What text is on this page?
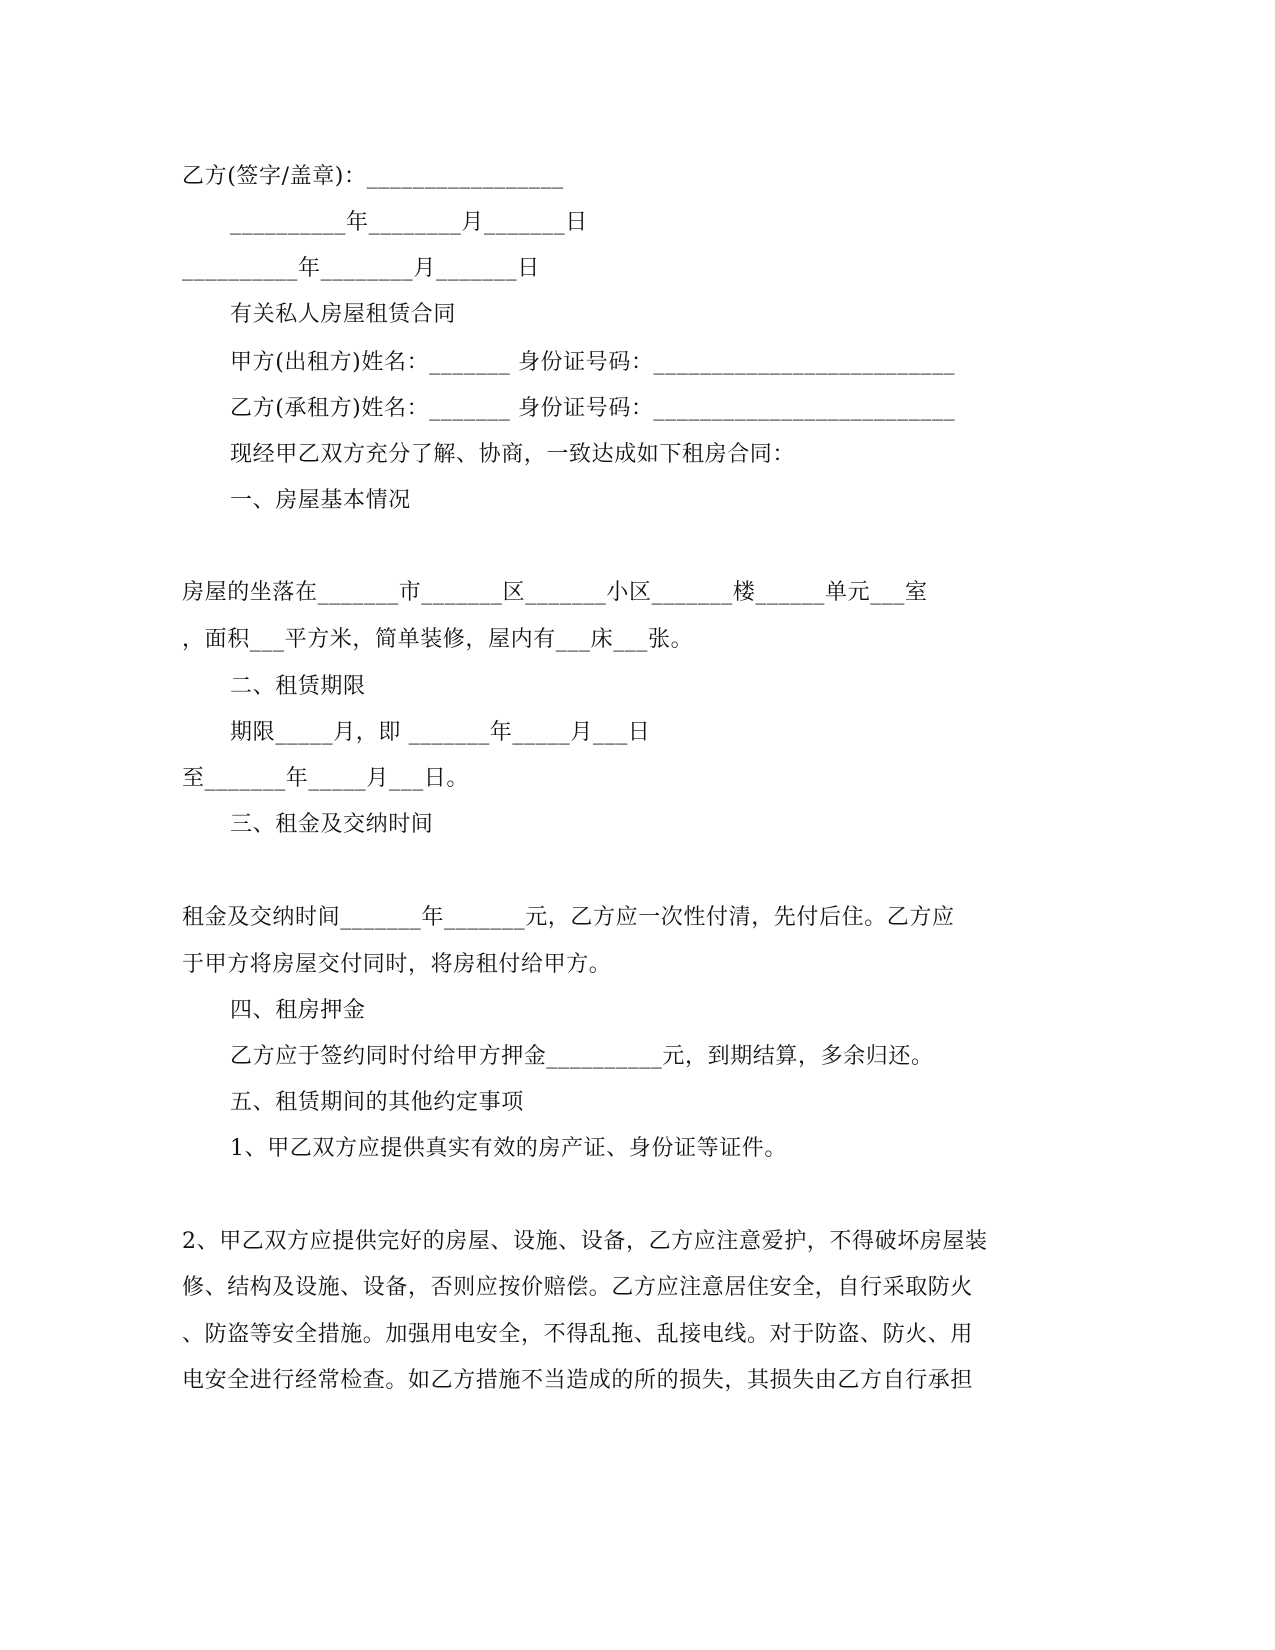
乙方(签字/盖章)：_________________
__________年________月_______日
__________年________月_______日
有关私人房屋租赁合同
甲方(出租方)姓名：_______ 身份证号码：__________________________
乙方(承租方)姓名：_______ 身份证号码：__________________________
现经甲乙双方充分了解、协商，一致达成如下租房合同：
一、房屋基本情况
房屋的坐落在_______市_______区_______小区_______楼______单元___室
，面积___平方米，简单装修，屋内有___床___张。
二、租赁期限
期限_____月，即 _______年_____月___日
至_______年_____月___日。
三、租金及交纳时间
租金及交纳时间_______年_______元，乙方应一次性付清，先付后住。乙方应
于甲方将房屋交付同时，将房租付给甲方。
四、租房押金
乙方应于签约同时付给甲方押金__________元，到期结算，多余归还。
五、租赁期间的其他约定事项
1、甲乙双方应提供真实有效的房产证、身份证等证件。
2、甲乙双方应提供完好的房屋、设施、设备，乙方应注意爱护，不得破坏房屋装
修、结构及设施、设备，否则应按价赔偿。乙方应注意居住安全，自行采取防火
、防盗等安全措施。加强用电安全，不得乱拖、乱接电线。对于防盗、防火、用
电安全进行经常检查。如乙方措施不当造成的所的损失，其损失由乙方自行承担
